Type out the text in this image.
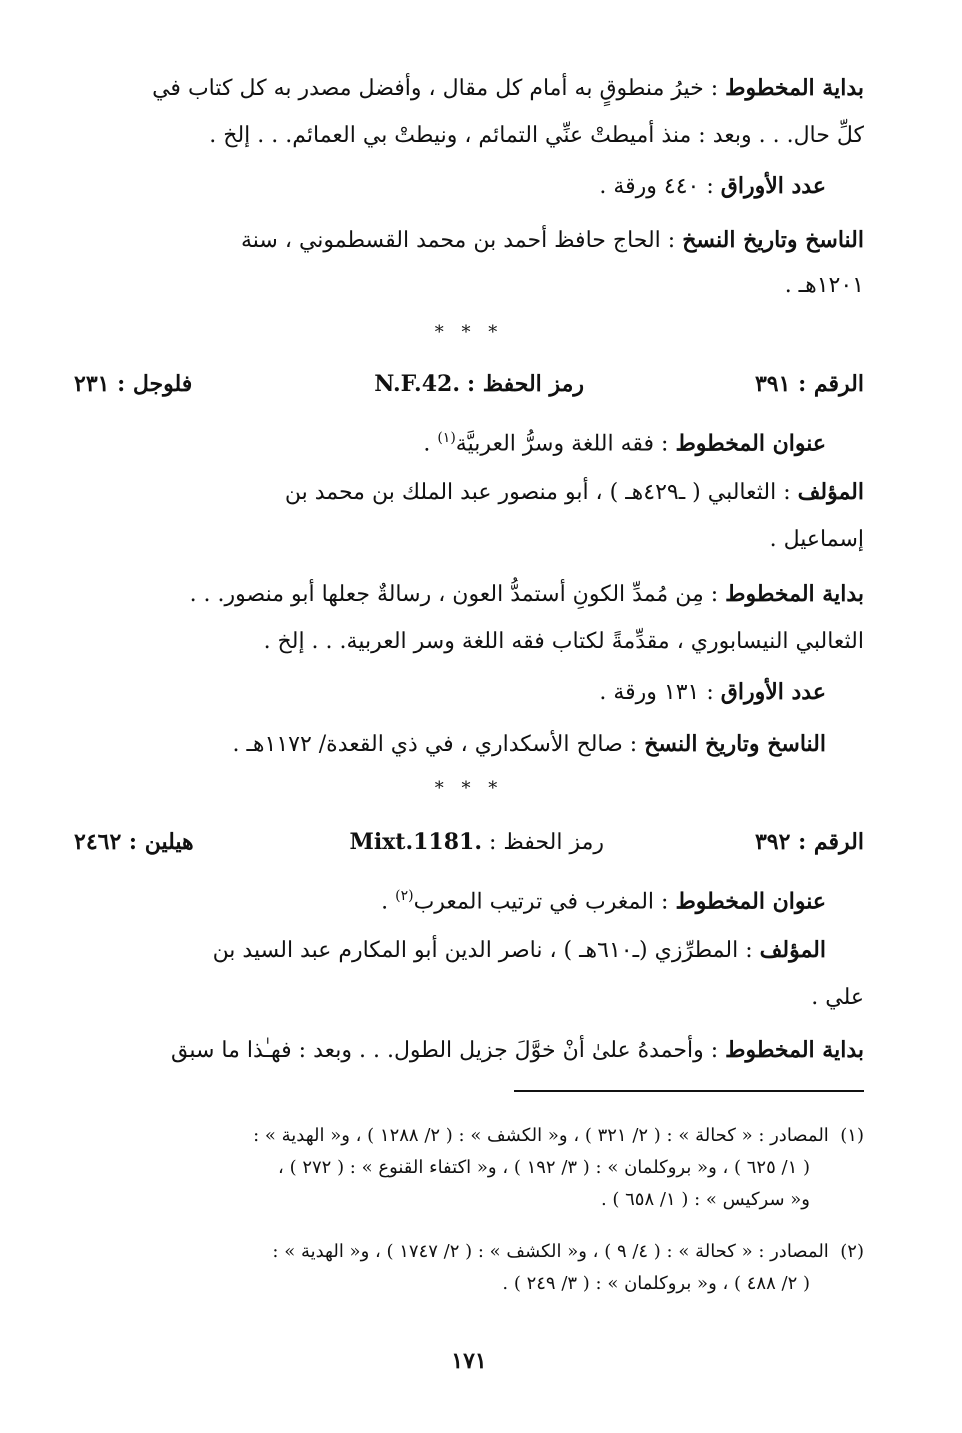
بداية المخطوط : خيرُ منطوقٍ به أمام كل مقال ، وأفضل مصدر به كل كتاب في
كلِّ حال. . . وبعد : منذ أميطتْ عنِّي التمائم ، ونيطتْ بي العمائم. . . إلخ .
عدد الأوراق : ٤٤٠ ورقة .
الناسخ وتاريخ النسخ : الحاج حافظ أحمد بن محمد القسطموني ، سنة
١٢٠١هـ .
* * *
الرقم : ٣٩١
رمز الحفظ : N.F.42.
فلوجل : ٢٣١
عنوان المخطوط : فقه اللغة وسرُّ العربيَّة$^{(١)}$ .
المؤلف : الثعالبي ( ـ٤٢٩هـ ) ، أبو منصور عبد الملك بن محمد بن
إسماعيل .
بداية المخطوط : مِن مُمدِّ الكونِ أستمدُّ العون ، رسالةٌ جعلها أبو منصور. . .
الثعالبي النيسابوري ، مقدِّمةً لكتاب فقه اللغة وسر العربية. . . إلخ .
عدد الأوراق : ١٣١ ورقة .
الناسخ وتاريخ النسخ : صالح الأسكداري ، في ذي القعدة/ ١١٧٢هـ .
* * *
الرقم : ٣٩٢
رمز الحفظ : Mixt.1181.
هيلين : ٢٤٦٢
عنوان المخطوط : المغرب في ترتيب المعرب$^{(٢)}$ .
المؤلف : المطرِّزي (ـ٦١٠هـ ) ، ناصر الدين أبو المكارم عبد السيد بن
علي .
بداية المخطوط : وأحمدهُ علىٰ أنْ خوَّلَ جزيل الطول. . . وبعد : فهـٰذا ما سبق
(١)  المصادر : « كحالة » : ( ٢/ ٣٢١ ) ، و« الكشف » : ( ٢/ ١٢٨٨ ) ، و« الهدية » :
( ١/ ٦٢٥ ) ، و« بروكلمان » : ( ٣/ ١٩٢ ) ، و« اكتفاء القنوع » : ( ٢٧٢ ) ،
و« سركيس » : ( ١/ ٦٥٨ ) .
(٢)  المصادر : « كحالة » : ( ٤/ ٩ ) ، و« الكشف » : ( ٢/ ١٧٤٧ ) ، و« الهدية » :
( ٢/ ٤٨٨ ) ، و« بروكلمان » : ( ٣/ ٢٤٩ ) .
١٧١
